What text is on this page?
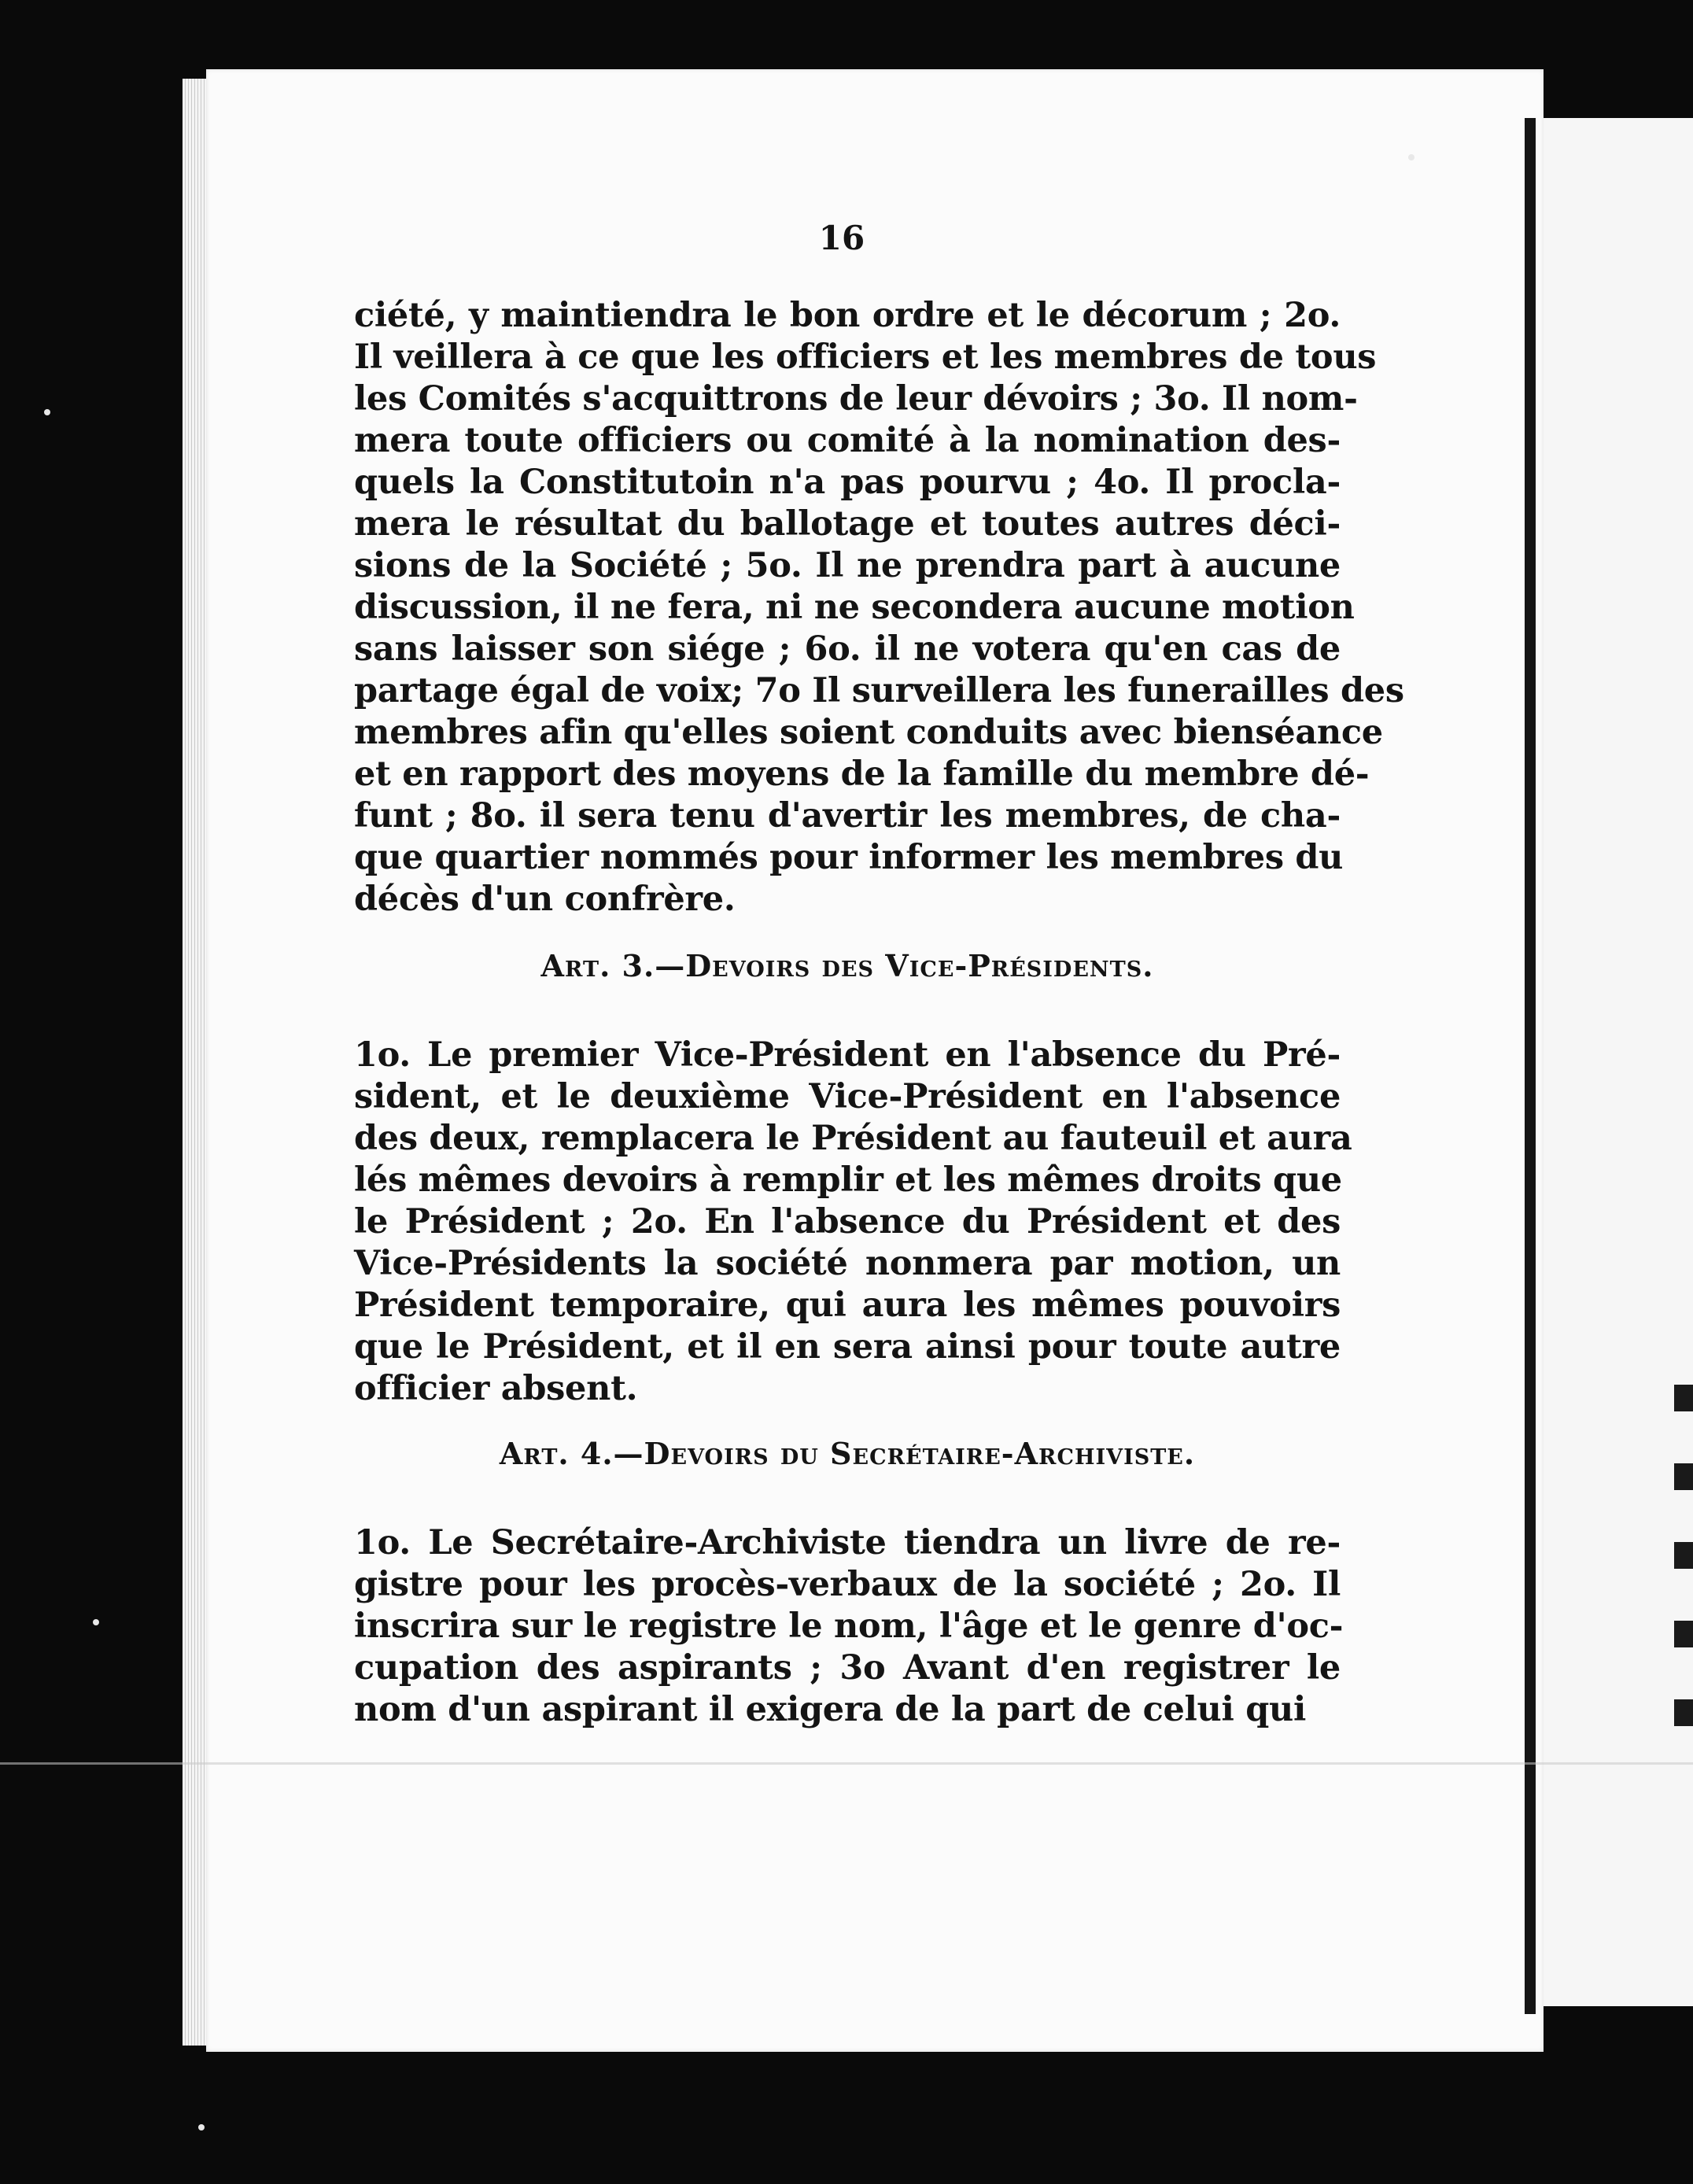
16
ciété, y maintiendra le bon ordre et le décorum ; 2o.
Il veillera à ce que les officiers et les membres de tous
les Comités s'acquittrons de leur dévoirs ; 3o. Il nom-
mera toute officiers ou comité à la nomination des-
quels la Constitutoin n'a pas pourvu ; 4o. Il procla-
mera le résultat du ballotage et toutes autres déci-
sions de la Société ; 5o. Il ne prendra part à aucune
discussion, il ne fera, ni ne secondera aucune motion
sans laisser son siége ; 6o. il ne votera qu'en cas de
partage égal de voix; 7o Il surveillera les funerailles des
membres afin qu'elles soient conduits avec bienséance
et en rapport des moyens de la famille du membre dé-
funt ; 8o. il sera tenu d'avertir les membres, de cha-
que quartier nommés pour informer les membres du
décès d'un confrère.
Art. 3.—Devoirs des Vice-Présidents.
1o. Le premier Vice-Président en l'absence du Pré-
sident, et le deuxième Vice-Président en l'absence
des deux, remplacera le Président au fauteuil et aura
lés mêmes devoirs à remplir et les mêmes droits que
le Président ; 2o. En l'absence du Président et des
Vice-Présidents la société nonmera par motion, un
Président temporaire, qui aura les mêmes pouvoirs
que le Président, et il en sera ainsi pour toute autre
officier absent.
Art. 4.—Devoirs du Secrétaire-Archiviste.
1o. Le Secrétaire-Archiviste tiendra un livre de re-
gistre pour les procès-verbaux de la société ; 2o. Il
inscrira sur le registre le nom, l'âge et le genre d'oc-
cupation des aspirants ; 3o Avant d'en registrer le
nom d'un aspirant il exigera de la part de celui qui
